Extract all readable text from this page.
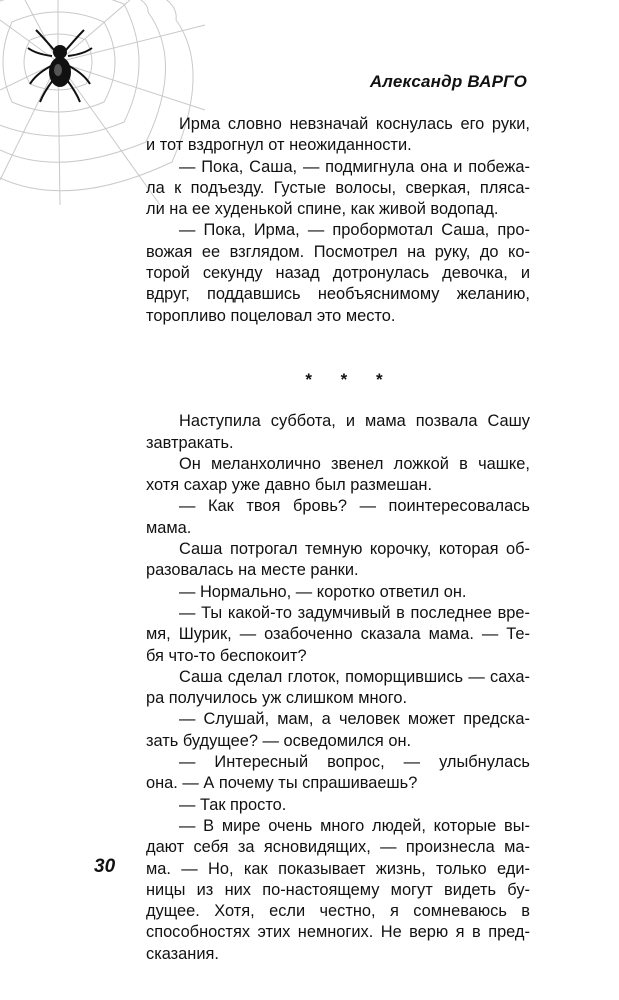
Александр ВАРГО
Ирма словно невзначай коснулась его руки,
и тот вздрогнул от неожиданности.
— Пока, Саша, — подмигнула она и побежа-
ла к подъезду. Густые волосы, сверкая, пляса-
ли на ее худенькой спине, как живой водопад.
— Пока, Ирма, — пробормотал Саша, про-
вожая ее взглядом. Посмотрел на руку, до ко-
торой секунду назад дотронулась девочка, и
вдруг, поддавшись необъяснимому желанию,
торопливо поцеловал это место.
* * *
Наступила суббота, и мама позвала Сашу
завтракать.
Он меланхолично звенел ложкой в чашке,
хотя сахар уже давно был размешан.
— Как твоя бровь? — поинтересовалась
мама.
Саша потрогал темную корочку, которая об-
разовалась на месте ранки.
— Нормально, — коротко ответил он.
— Ты какой-то задумчивый в последнее вре-
мя, Шурик, — озабоченно сказала мама. — Те-
бя что-то беспокоит?
Саша сделал глоток, поморщившись — саха-
ра получилось уж слишком много.
— Слушай, мам, а человек может предска-
зать будущее? — осведомился он.
— Интересный вопрос, — улыбнулась
она. — А почему ты спрашиваешь?
— Так просто.
— В мире очень много людей, которые вы-
дают себя за ясновидящих, — произнесла ма-
ма. — Но, как показывает жизнь, только еди-
ницы из них по-настоящему могут видеть бу-
дущее. Хотя, если честно, я сомневаюсь в
способностях этих немногих. Не верю я в пред-
сказания.
30
